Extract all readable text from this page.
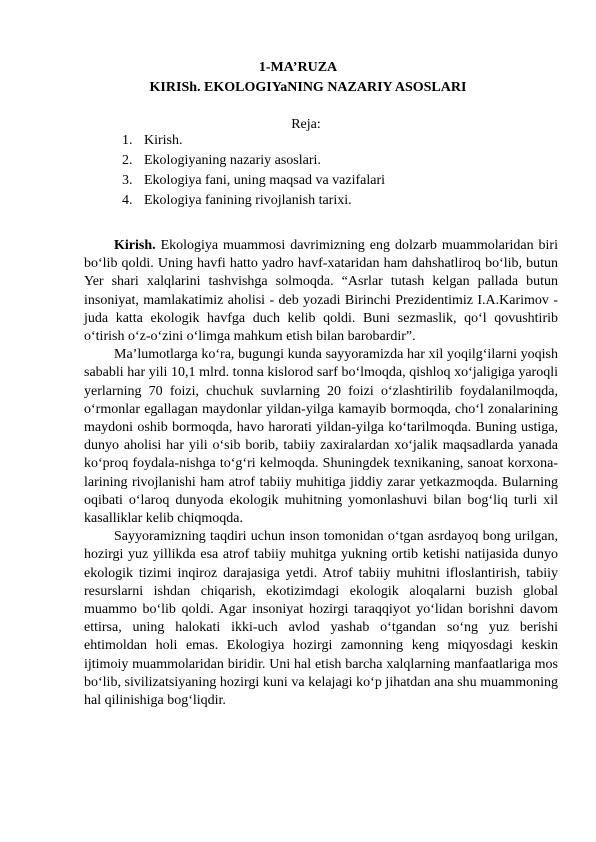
1-MA’RUZA
KIRISh. EKOLOGIYaNING NAZARIY ASOSLARI
Reja:
1. Kirish.
2. Ekologiyaning nazariy asoslari.
3. Ekologiya fani, uning maqsad va vazifalari
4. Ekologiya fanining rivojlanish tarixi.

Kirish. Ekologiya muammosi davrimizning eng dolzarb muammolaridan biri bo‘lib qoldi. Uning havfi hatto yadro havf-xataridan ham dahshatliroq bo‘lib, butun Yer shari xalqlarini tashvishga solmoqda. “Asrlar tutash kelgan pallada butun insoniyat, mamlakatimiz aholisi - deb yozadi Birinchi Prezidentimiz I.A.Karimov - juda katta ekologik havfga duch kelib qoldi. Buni sezmaslik, qo‘l qovushtirib o‘tirish o‘z-o‘zini o‘limga mahkum etish bilan barobardir”.

Ma’lumotlarga ko‘ra, bugungi kunda sayyoramizda har xil yoqilg‘ilarni yoqish sababli har yili 10,1 mlrd. tonna kislorod sarf bo‘lmoqda, qishloq xo‘jaligiga yaroqli yerlarning 70 foizi, chuchuk suvlarning 20 foizi o‘zlashtirilib foydalanilmoqda, o‘rmonlar egallagan maydonlar yildan-yilga kamayib bormoqda, cho‘l zonalarining maydoni oshib bormoqda, havo harorati yildan-yilga ko‘tarilmoqda. Buning ustiga, dunyo aholisi har yili o‘sib borib, tabiiy zaxiralardan xo‘jalik maqsadlarda yanada ko‘proq foydala-nishga to‘g‘ri kelmoqda. Shuningdek texnikaning, sanoat korxona-larining rivojlanishi ham atrof tabiiy muhitiga jiddiy zarar yetkazmoqda. Bularning oqibati o‘laroq dunyoda ekologik muhitning yomonlashuvi bilan bog‘liq turli xil kasalliklar kelib chiqmoqda.

Sayyoramizning taqdiri uchun inson tomonidan o‘tgan asrdayoq bong urilgan, hozirgi yuz yillikda esa atrof tabiiy muhitga yukning ortib ketishi natijasida dunyo ekologik tizimi inqiroz darajasiga yetdi. Atrof tabiiy muhitni ifloslantirish, tabiiy resurslarni ishdan chiqarish, ekotizimdagi ekologik aloqalarni buzish global muammo bo‘lib qoldi. Agar insoniyat hozirgi taraqqiyot yo‘lidan borishni davom ettirsa, uning halokati ikki-uch avlod yashab o‘tgandan so‘ng yuz berishi ehtimoldan holi emas. Ekologiya hozirgi zamonning keng miqyosdagi keskin ijtimoiy muammolaridan biridir. Uni hal etish barcha xalqlarning manfaatlariga mos bo‘lib, sivilizatsiyaning hozirgi kuni va kelajagi ko‘p jihatdan ana shu muammoning hal qilinishiga bog‘liqdir.
